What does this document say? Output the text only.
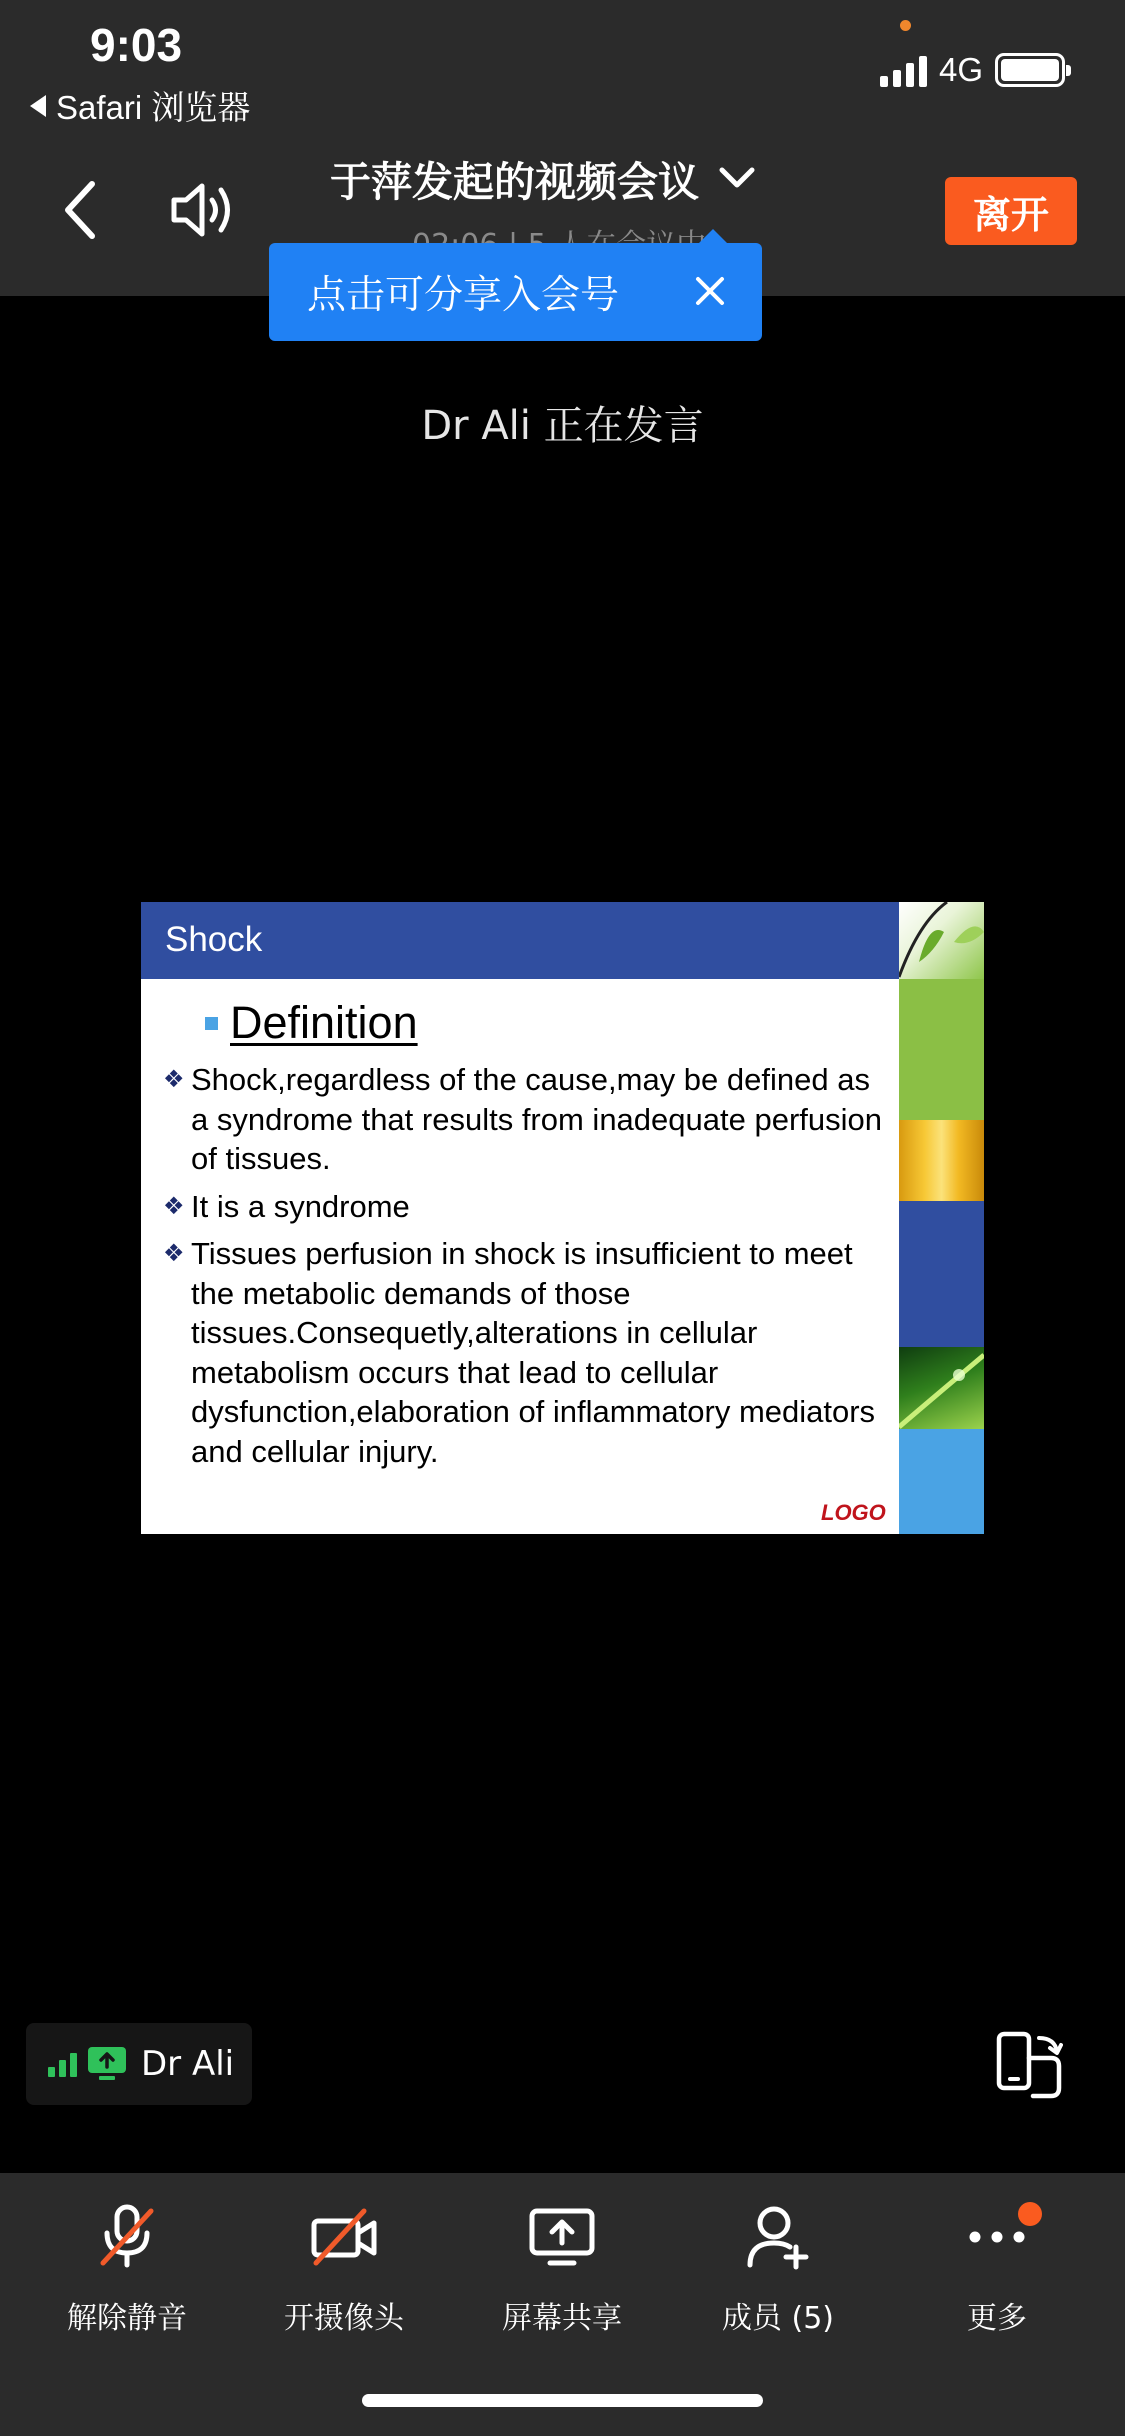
9:03
Safari 浏览器
4G
于萍发起的视频会议
离开
点击可分享入会号
Dr Ali 正在发言
Shock
Definition
❖ Shock,regardless of the cause,may be defined as a syndrome that results from inadequate perfusion of tissues.
❖ It is a syndrome
❖ Tissues perfusion in shock is insufficient to meet the metabolic demands of those tissues.Consequetly,alterations in cellular metabolism occurs that lead to cellular dysfunction,elaboration of inflammatory mediators and cellular injury.
LOGO
Dr Ali
解除静音	开摄像头	屏幕共享	成员 (5)	更多
